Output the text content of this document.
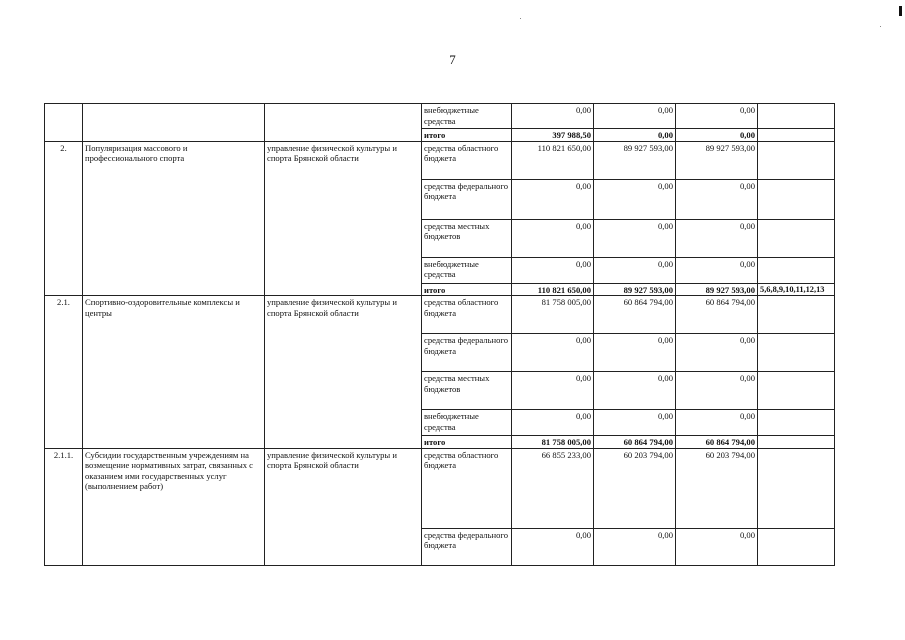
7
			внебюджетные средства	0,00	0,00	0,00	
			итого	397 988,50	0,00	0,00	
2.	Популяризация массового и профессионального спорта	управление физической культуры и спорта Брянской области	средства областного бюджета	110 821 650,00	89 927 593,00	89 927 593,00	
			средства федерального бюджета	0,00	0,00	0,00	
			средства местных бюджетов	0,00	0,00	0,00	
			внебюджетные средства	0,00	0,00	0,00	
			итого	110 821 650,00	89 927 593,00	89 927 593,00	5,6,8,9,10,11,12,13
2.1.	Спортивно-оздоровительные комплексы и центры	управление физической культуры и спорта Брянской области	средства областного бюджета	81 758 005,00	60 864 794,00	60 864 794,00	
			средства федерального бюджета	0,00	0,00	0,00	
			средства местных бюджетов	0,00	0,00	0,00	
			внебюджетные средства	0,00	0,00	0,00	
			итого	81 758 005,00	60 864 794,00	60 864 794,00	
2.1.1.	Субсидии государственным учреждениям на возмещение нормативных затрат, связанных с оказанием ими государственных услуг (выполнением работ)	управление физической культуры и спорта Брянской области	средства областного бюджета	66 855 233,00	60 203 794,00	60 203 794,00	
			средства федерального бюджета	0,00	0,00	0,00	
